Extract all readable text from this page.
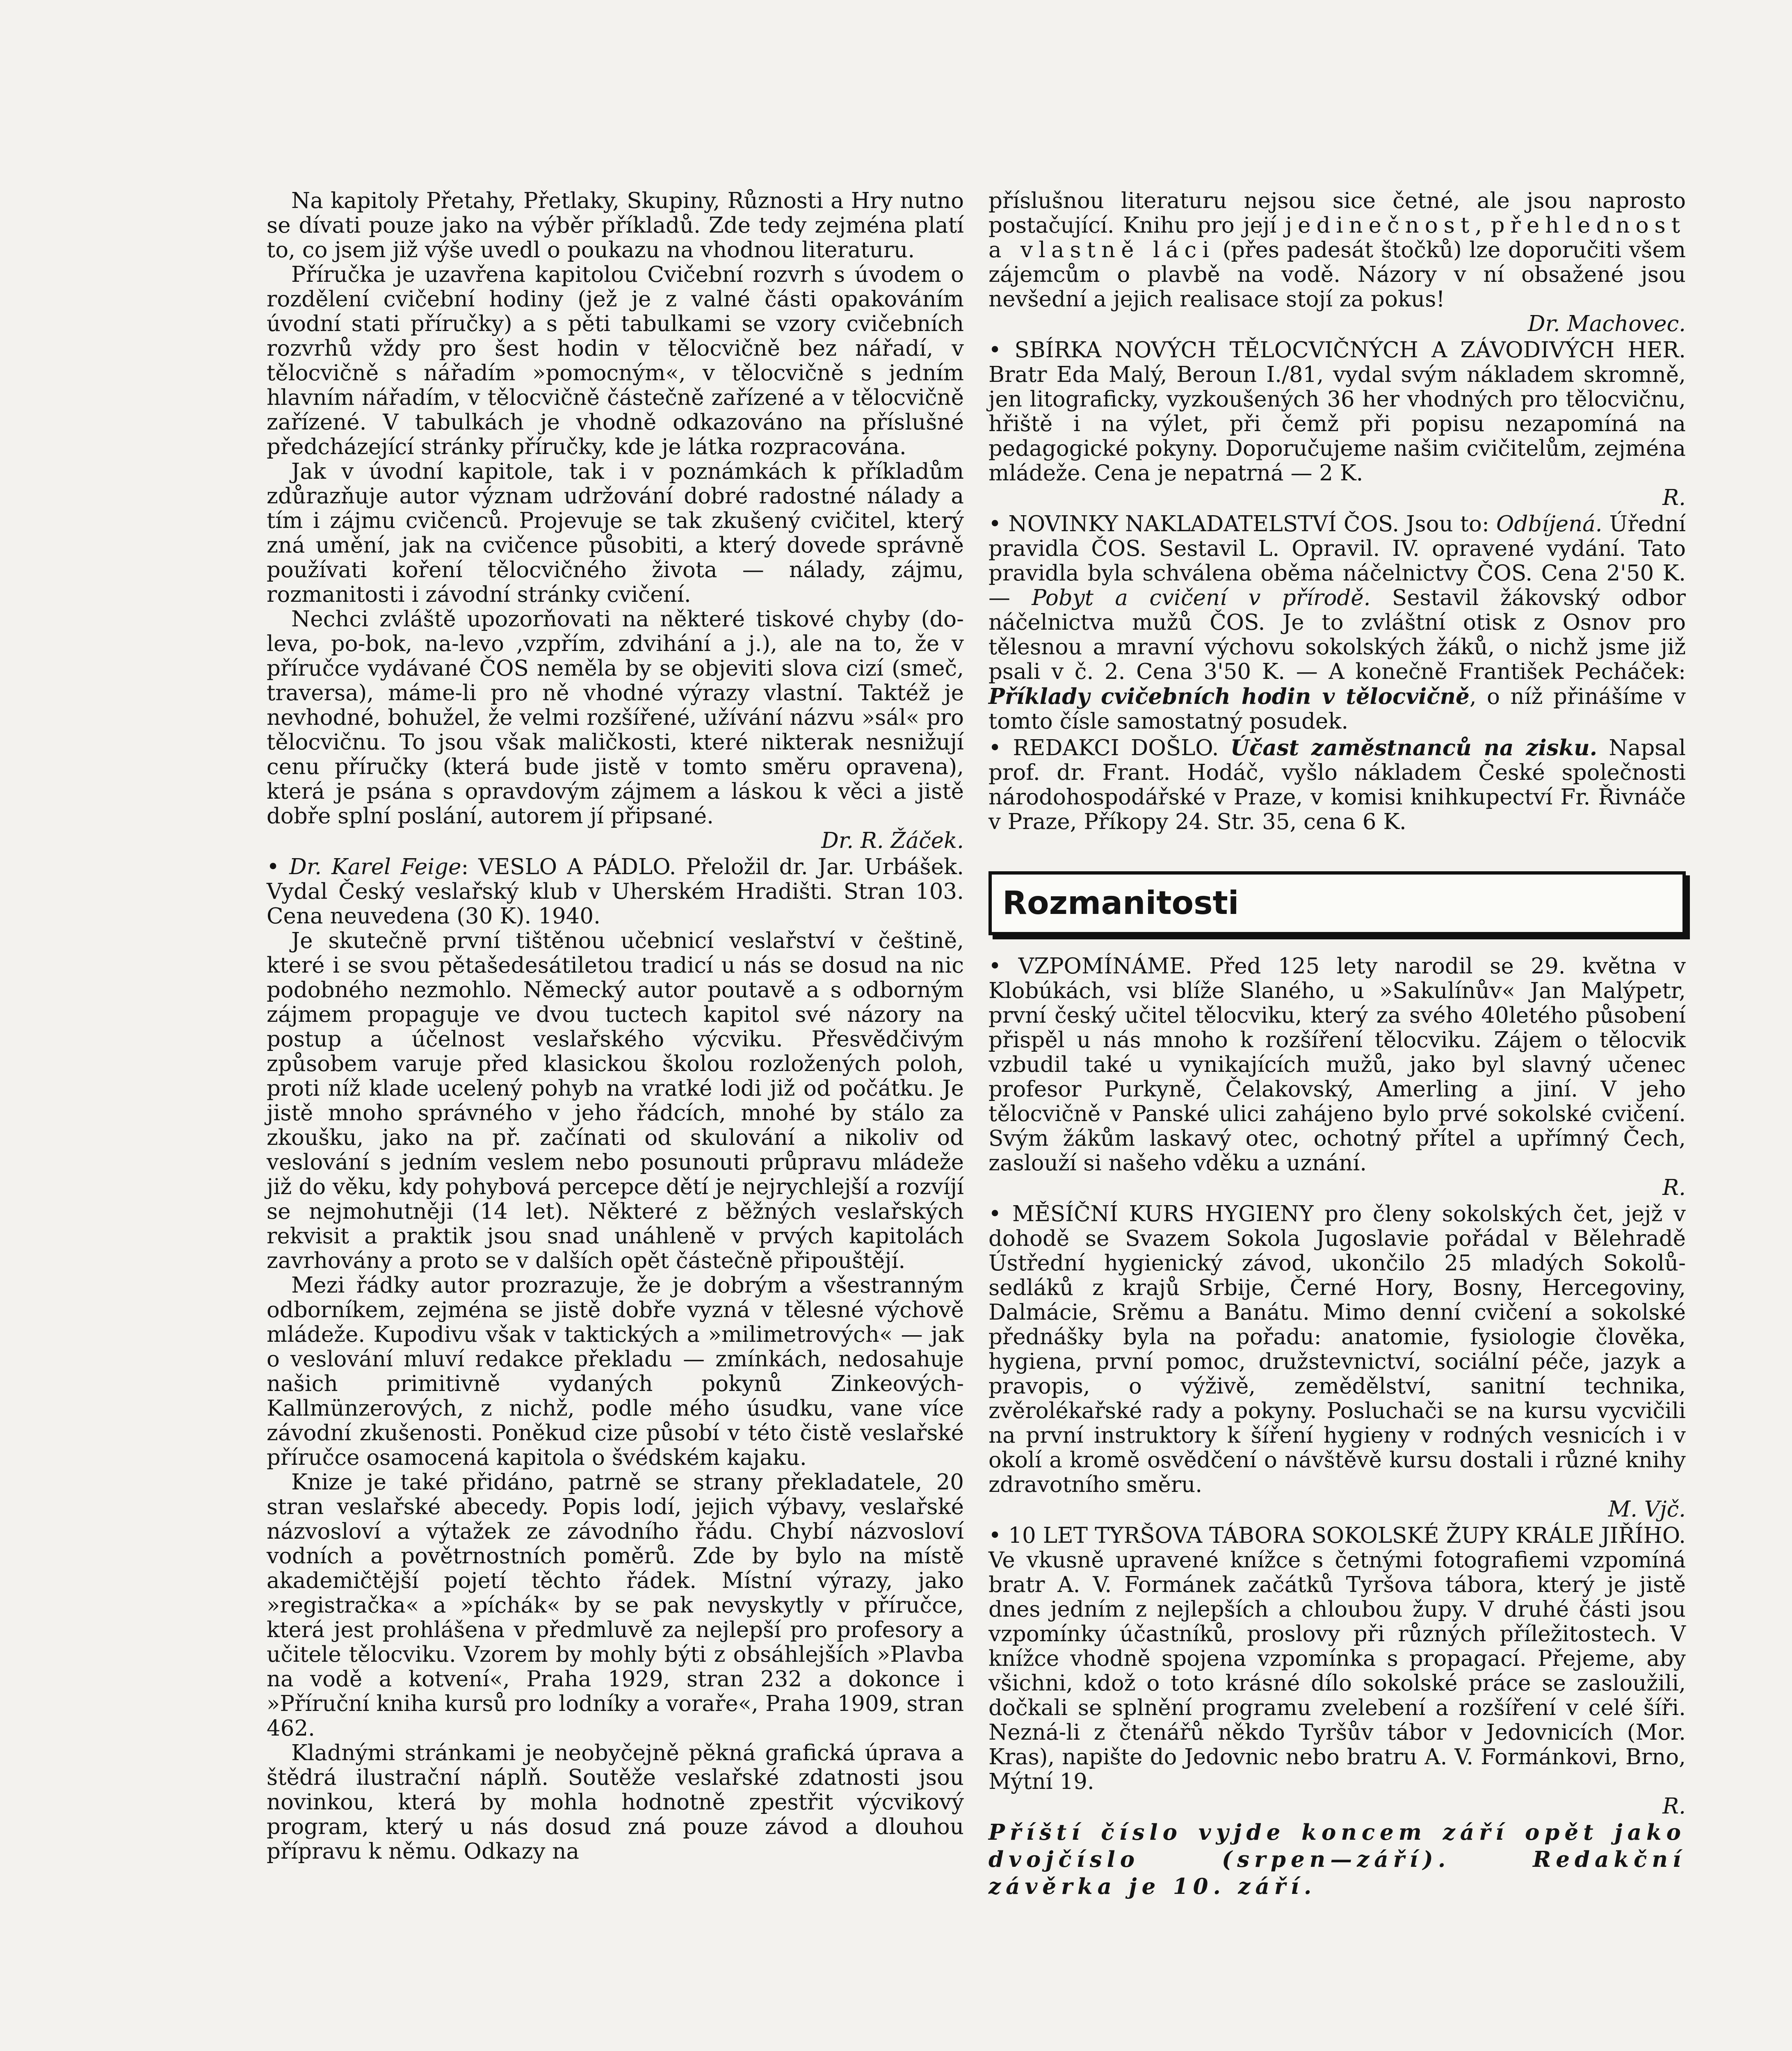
Na kapitoly Přetahy, Přetlaky, Skupiny, Různosti a Hry nutno se dívati pouze jako na výběr příkladů. Zde tedy zejména platí to, co jsem již výše uvedl o poukazu na vhodnou literaturu.

Příručka je uzavřena kapitolou Cvičební rozvrh s úvodem o rozdělení cvičební hodiny (jež je z valné části opakováním úvodní stati příručky) a s pěti tabulkami se vzory cvičebních rozvrhů vždy pro šest hodin v tělocvičně bez nářadí, v tělocvičně s nářadím »pomocným«, v tělocvičně s jedním hlavním nářadím, v tělocvičně částečně zařízené a v tělocvičně zařízené. V tabulkách je vhodně odkazováno na příslušné předcházející stránky příručky, kde je látka rozpracována.

Jak v úvodní kapitole, tak i v poznámkách k příkladům zdůrazňuje autor význam udržování dobré radostné nálady a tím i zájmu cvičenců. Projevuje se tak zkušený cvičitel, který zná umění, jak na cvičence působiti, a který dovede správně používati koření tělocvičného života — nálady, zájmu, rozmanitosti i závodní stránky cvičení.

Nechci zvláště upozorňovati na některé tiskové chyby (do-leva, po-bok, na-levo ,vzpřím, zdvihání a j.), ale na to, že v příručce vydávané ČOS neměla by se objeviti slova cizí (smeč, traversa), máme-li pro ně vhodné výrazy vlastní. Taktéž je nevhodné, bohužel, že velmi rozšířené, užívání názvu »sál« pro tělocvičnu. To jsou však maličkosti, které nikterak nesnižují cenu příručky (která bude jistě v tomto směru opravena), která je psána s opravdovým zájmem a láskou k věci a jistě dobře splní poslání, autorem jí připsané.

Dr. R. Žáček.

• Dr. Karel Feige: VESLO A PÁDLO. Přeložil dr. Jar. Urbášek. Vydal Český veslařský klub v Uherském Hradišti. Stran 103. Cena neuvedena (30 K). 1940.

Je skutečně první tištěnou učebnicí veslařství v češtině, které i se svou pětašedesátiletou tradicí u nás se dosud na nic podobného nezmohlo. Německý autor poutavě a s odborným zájmem propaguje ve dvou tuctech kapitol své názory na postup a účelnost veslařského výcviku. Přesvědčivým způsobem varuje před klasickou školou rozložených poloh, proti níž klade ucelený pohyb na vratké lodi již od počátku. Je jistě mnoho správného v jeho řádcích, mnohé by stálo za zkoušku, jako na př. začínati od skulování a nikoliv od veslování s jedním veslem nebo posunouti průpravu mládeže již do věku, kdy pohybová percepce dětí je nejrychlejší a rozvíjí se nejmohutněji (14 let). Některé z běžných veslařských rekvisit a praktik jsou snad unáhleně v prvých kapitolách zavrhovány a proto se v dalších opět částečně připouštějí.

Mezi řádky autor prozrazuje, že je dobrým a všestranným odborníkem, zejména se jistě dobře vyzná v tělesné výchově mládeže. Kupodivu však v taktických a »milimetrových« — jak o veslování mluví redakce překladu — zmínkách, nedosahuje našich primitivně vydaných pokynů Zinkeových-Kallmünzerových, z nichž, podle mého úsudku, vane více závodní zkušenosti. Poněkud cize působí v této čistě veslařské příručce osamocená kapitola o švédském kajaku.

Knize je také přidáno, patrně se strany překladatele, 20 stran veslařské abecedy. Popis lodí, jejich výbavy, veslařské názvosloví a výtažek ze závodního řádu. Chybí názvosloví vodních a povětrnostních poměrů. Zde by bylo na místě akademičtější pojetí těchto řádek. Místní výrazy, jako »registračka« a »píchák« by se pak nevyskytly v příručce, která jest prohlášena v předmluvě za nejlepší pro profesory a učitele tělocviku. Vzorem by mohly býti z obsáhlejších »Plavba na vodě a kotvení«, Praha 1929, stran 232 a dokonce i »Příruční kniha kursů pro lodníky a voraře«, Praha 1909, stran 462.

Kladnými stránkami je neobyčejně pěkná grafická úprava a štědrá ilustrační náplň. Soutěže veslařské zdatnosti jsou novinkou, která by mohla hodnotně zpestřit výcvikový program, který u nás dosud zná pouze závod a dlouhou přípravu k němu. Odkazy na

příslušnou literaturu nejsou sice četné, ale jsou naprosto postačující. Knihu pro její jedinečnost, přehlednost a vlastně láci (přes padesát štočků) lze doporučiti všem zájemcům o plavbě na vodě. Názory v ní obsažené jsou nevšední a jejich realisace stojí za pokus!

Dr. Machovec.

• SBÍRKA NOVÝCH TĚLOCVIČNÝCH A ZÁVODIVÝCH HER. Bratr Eda Malý, Beroun I./81, vydal svým nákladem skromně, jen litograficky, vyzkoušených 36 her vhodných pro tělocvičnu, hřiště i na výlet, při čemž při popisu nezapomíná na pedagogické pokyny. Doporučujeme našim cvičitelům, zejména mládeže. Cena je nepatrná — 2 K.

R.

• NOVINKY NAKLADATELSTVÍ ČOS. Jsou to: Odbíjená. Úřední pravidla ČOS. Sestavil L. Opravil. IV. opravené vydání. Tato pravidla byla schválena oběma náčelnictvy ČOS. Cena 2'50 K. — Pobyt a cvičení v přírodě. Sestavil žákovský odbor náčelnictva mužů ČOS. Je to zvláštní otisk z Osnov pro tělesnou a mravní výchovu sokolských žáků, o nichž jsme již psali v č. 2. Cena 3'50 K. — A konečně František Pecháček: Příklady cvičebních hodin v tělocvičně, o níž přinášíme v tomto čísle samostatný posudek.

• REDAKCI DOŠLO. Účast zaměstnanců na zisku. Napsal prof. dr. Frant. Hodáč, vyšlo nákladem České společnosti národohospodářské v Praze, v komisi knihkupectví Fr. Řivnáče v Praze, Příkopy 24. Str. 35, cena 6 K.

Rozmanitosti

• VZPOMÍNÁME. Před 125 lety narodil se 29. května v Klobúkách, vsi blíže Slaného, u »Sakulínův« Jan Malýpetr, první český učitel tělocviku, který za svého 40letého působení přispěl u nás mnoho k rozšíření tělocviku. Zájem o tělocvik vzbudil také u vynikajících mužů, jako byl slavný učenec profesor Purkyně, Čelakovský, Amerling a jiní. V jeho tělocvičně v Panské ulici zahájeno bylo prvé sokolské cvičení. Svým žákům laskavý otec, ochotný přítel a upřímný Čech, zaslouží si našeho vděku a uznání.

R.

• MĚSÍČNÍ KURS HYGIENY pro členy sokolských čet, jejž v dohodě se Svazem Sokola Jugoslavie pořádal v Bělehradě Ústřední hygienický závod, ukončilo 25 mladých Sokolů-sedláků z krajů Srbije, Černé Hory, Bosny, Hercegoviny, Dalmácie, Srěmu a Banátu. Mimo denní cvičení a sokolské přednášky byla na pořadu: anatomie, fysiologie člověka, hygiena, první pomoc, družstevnictví, sociální péče, jazyk a pravopis, o výživě, zemědělství, sanitní technika, zvěrolékařské rady a pokyny. Posluchači se na kursu vycvičili na první instruktory k šíření hygieny v rodných vesnicích i v okolí a kromě osvědčení o návštěvě kursu dostali i různé knihy zdravotního směru.

M. Vjč.

• 10 LET TYRŠOVA TÁBORA SOKOLSKÉ ŽUPY KRÁLE JIŘÍHO. Ve vkusně upravené knížce s četnými fotografiemi vzpomíná bratr A. V. Formánek začátků Tyršova tábora, který je jistě dnes jedním z nejlepších a chloubou župy. V druhé části jsou vzpomínky účastníků, proslovy při různých příležitostech. V knížce vhodně spojena vzpomínka s propagací. Přejeme, aby všichni, kdož o toto krásné dílo sokolské práce se zasloužili, dočkali se splnění programu zvelebení a rozšíření v celé šíři. Nezná-li z čtenářů někdo Tyršův tábor v Jedovnicích (Mor. Kras), napište do Jedovnic nebo bratru A. V. Formánkovi, Brno, Mýtní 19.

R.

Příští číslo vyjde koncem září opět jako dvojčíslo (srpen—září). Redakční závěrka je 10. září.
